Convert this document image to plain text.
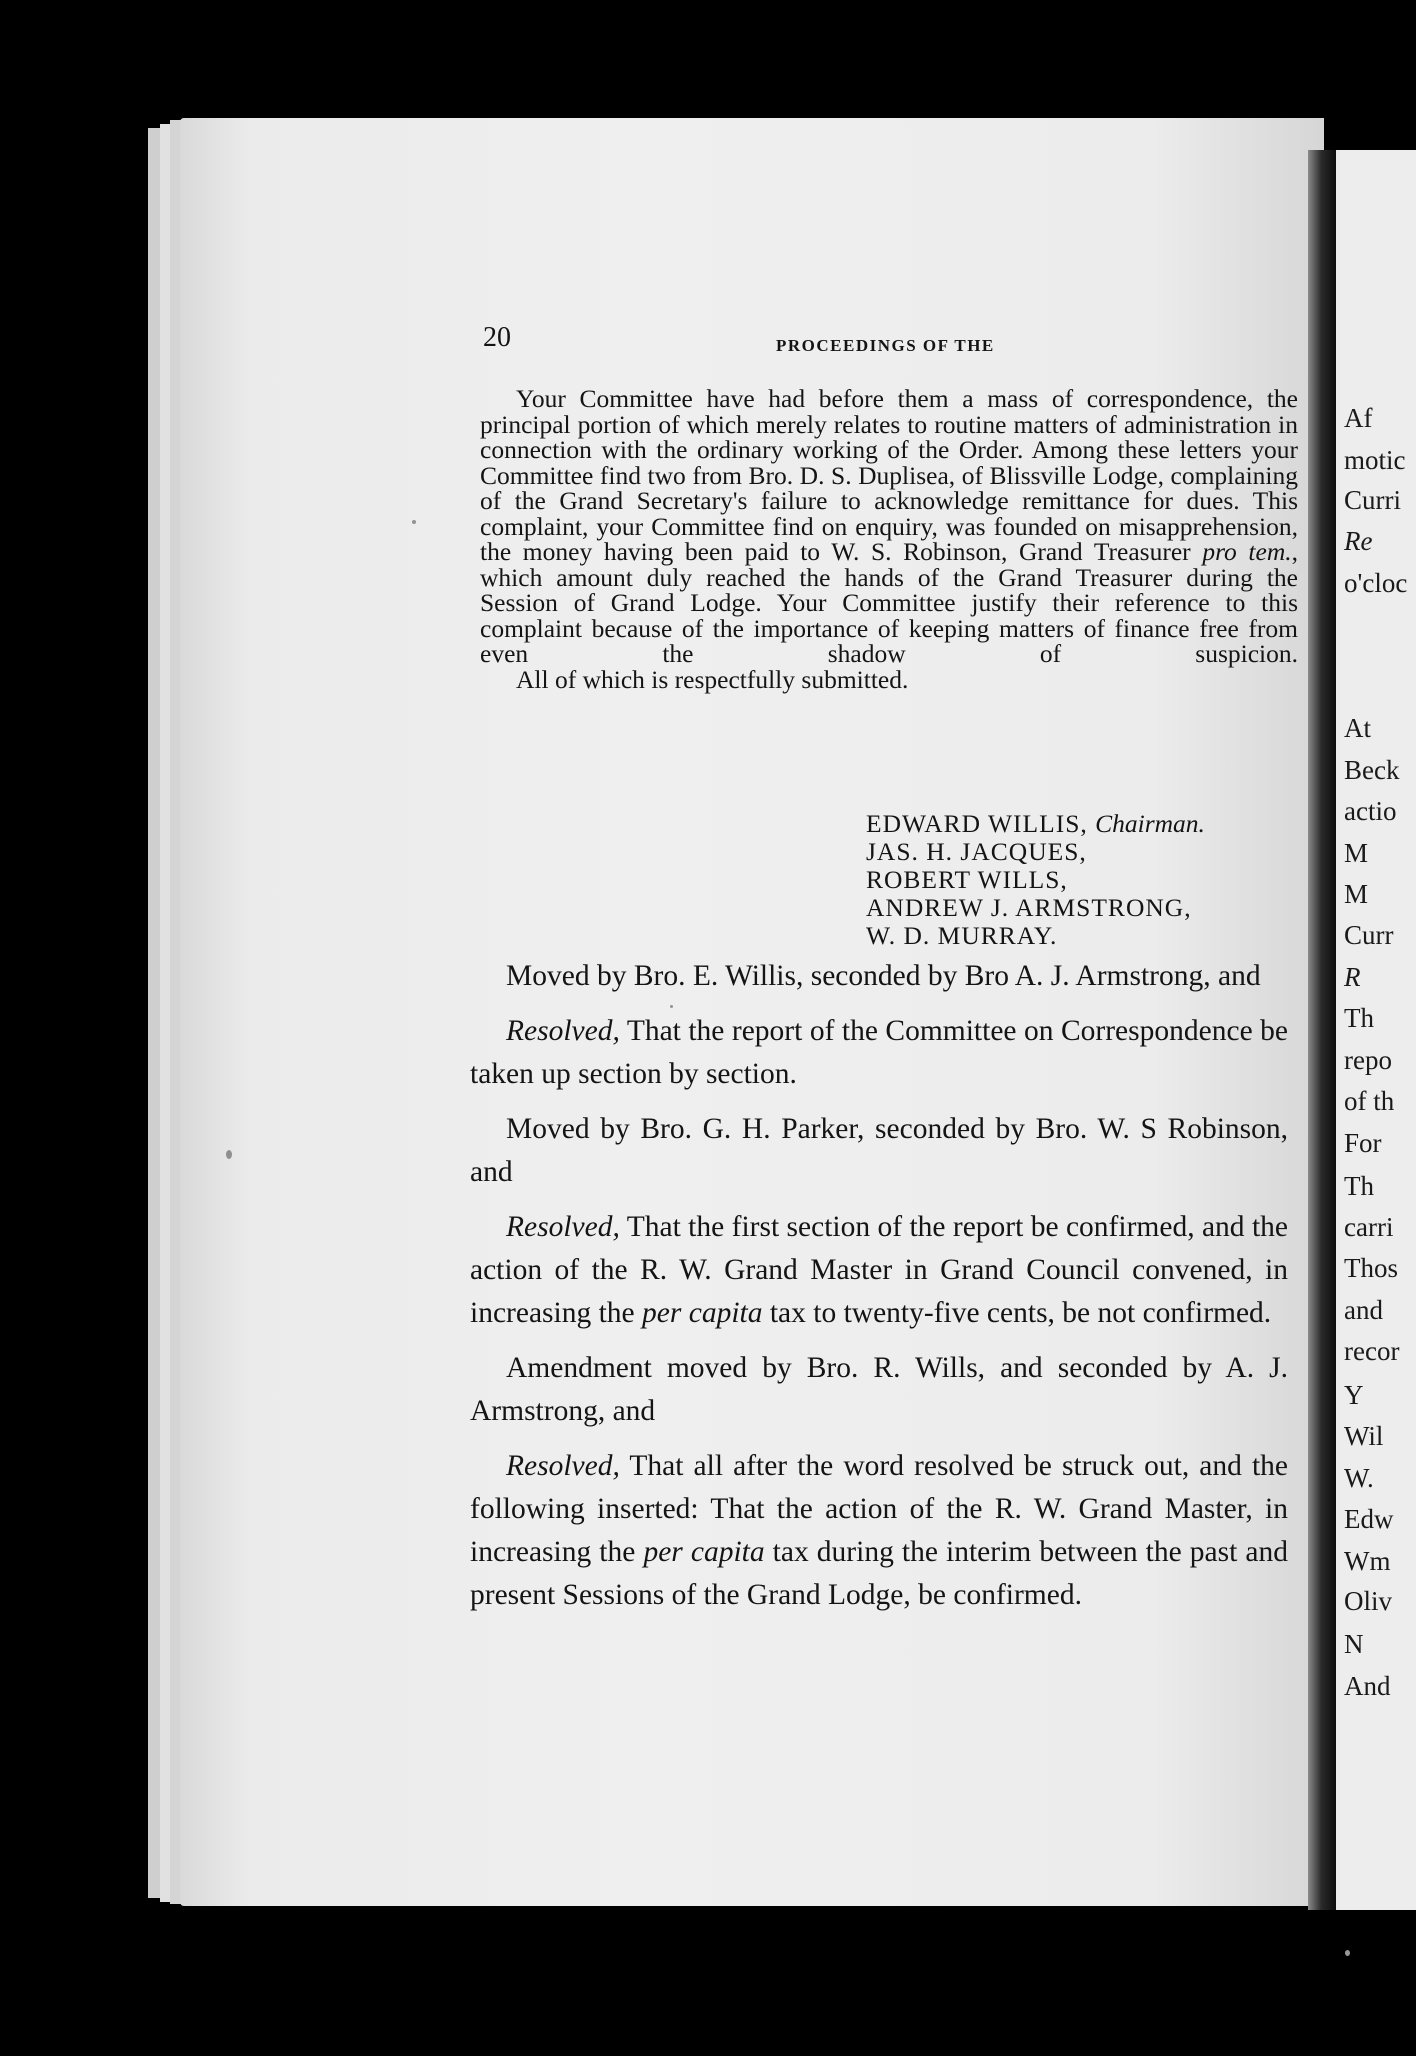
Af
motic
Curri
Re
o'cloc
At
Beck
actio
M
M
Curr
R
Th
repo
of th
For
Th
carri
Thos
and
recor
Y
Wil
W.
Edw
Wm
Oliv
N
And
20	PROCEEDINGS OF THE
Your Committee have had before them a mass of correspondence, the principal portion of which merely relates to routine matters of administration in connection with the ordinary working of the Order. Among these letters your Committee find two from Bro. D. S. Duplisea, of Blissville Lodge, complaining of the Grand Secretary's failure to acknowledge remittance for dues. This complaint, your Committee find on enquiry, was founded on misapprehension, the money having been paid to W. S. Robinson, Grand Treasurer pro tem., which amount duly reached the hands of the Grand Treasurer during the Session of Grand Lodge. Your Committee justify their reference to this complaint because of the importance of keeping matters of finance free from even the shadow of suspicion.
All of which is respectfully submitted.
EDWARD WILLIS, Chairman.
JAS. H. JACQUES,
ROBERT WILLS,
ANDREW J. ARMSTRONG,
W. D. MURRAY.
Moved by Bro. E. Willis, seconded by Bro A. J. Armstrong, and
Resolved, That the report of the Committee on Correspondence be taken up section by section.
Moved by Bro. G. H. Parker, seconded by Bro. W. S Robinson, and
Resolved, That the first section of the report be confirmed, and the action of the R. W. Grand Master in Grand Council convened, in increasing the per capita tax to twenty-five cents, be not confirmed.
Amendment moved by Bro. R. Wills, and seconded by A. J. Armstrong, and
Resolved, That all after the word resolved be struck out, and the following inserted: That the action of the R. W. Grand Master, in increasing the per capita tax during the interim between the past and present Sessions of the Grand Lodge, be confirmed.
